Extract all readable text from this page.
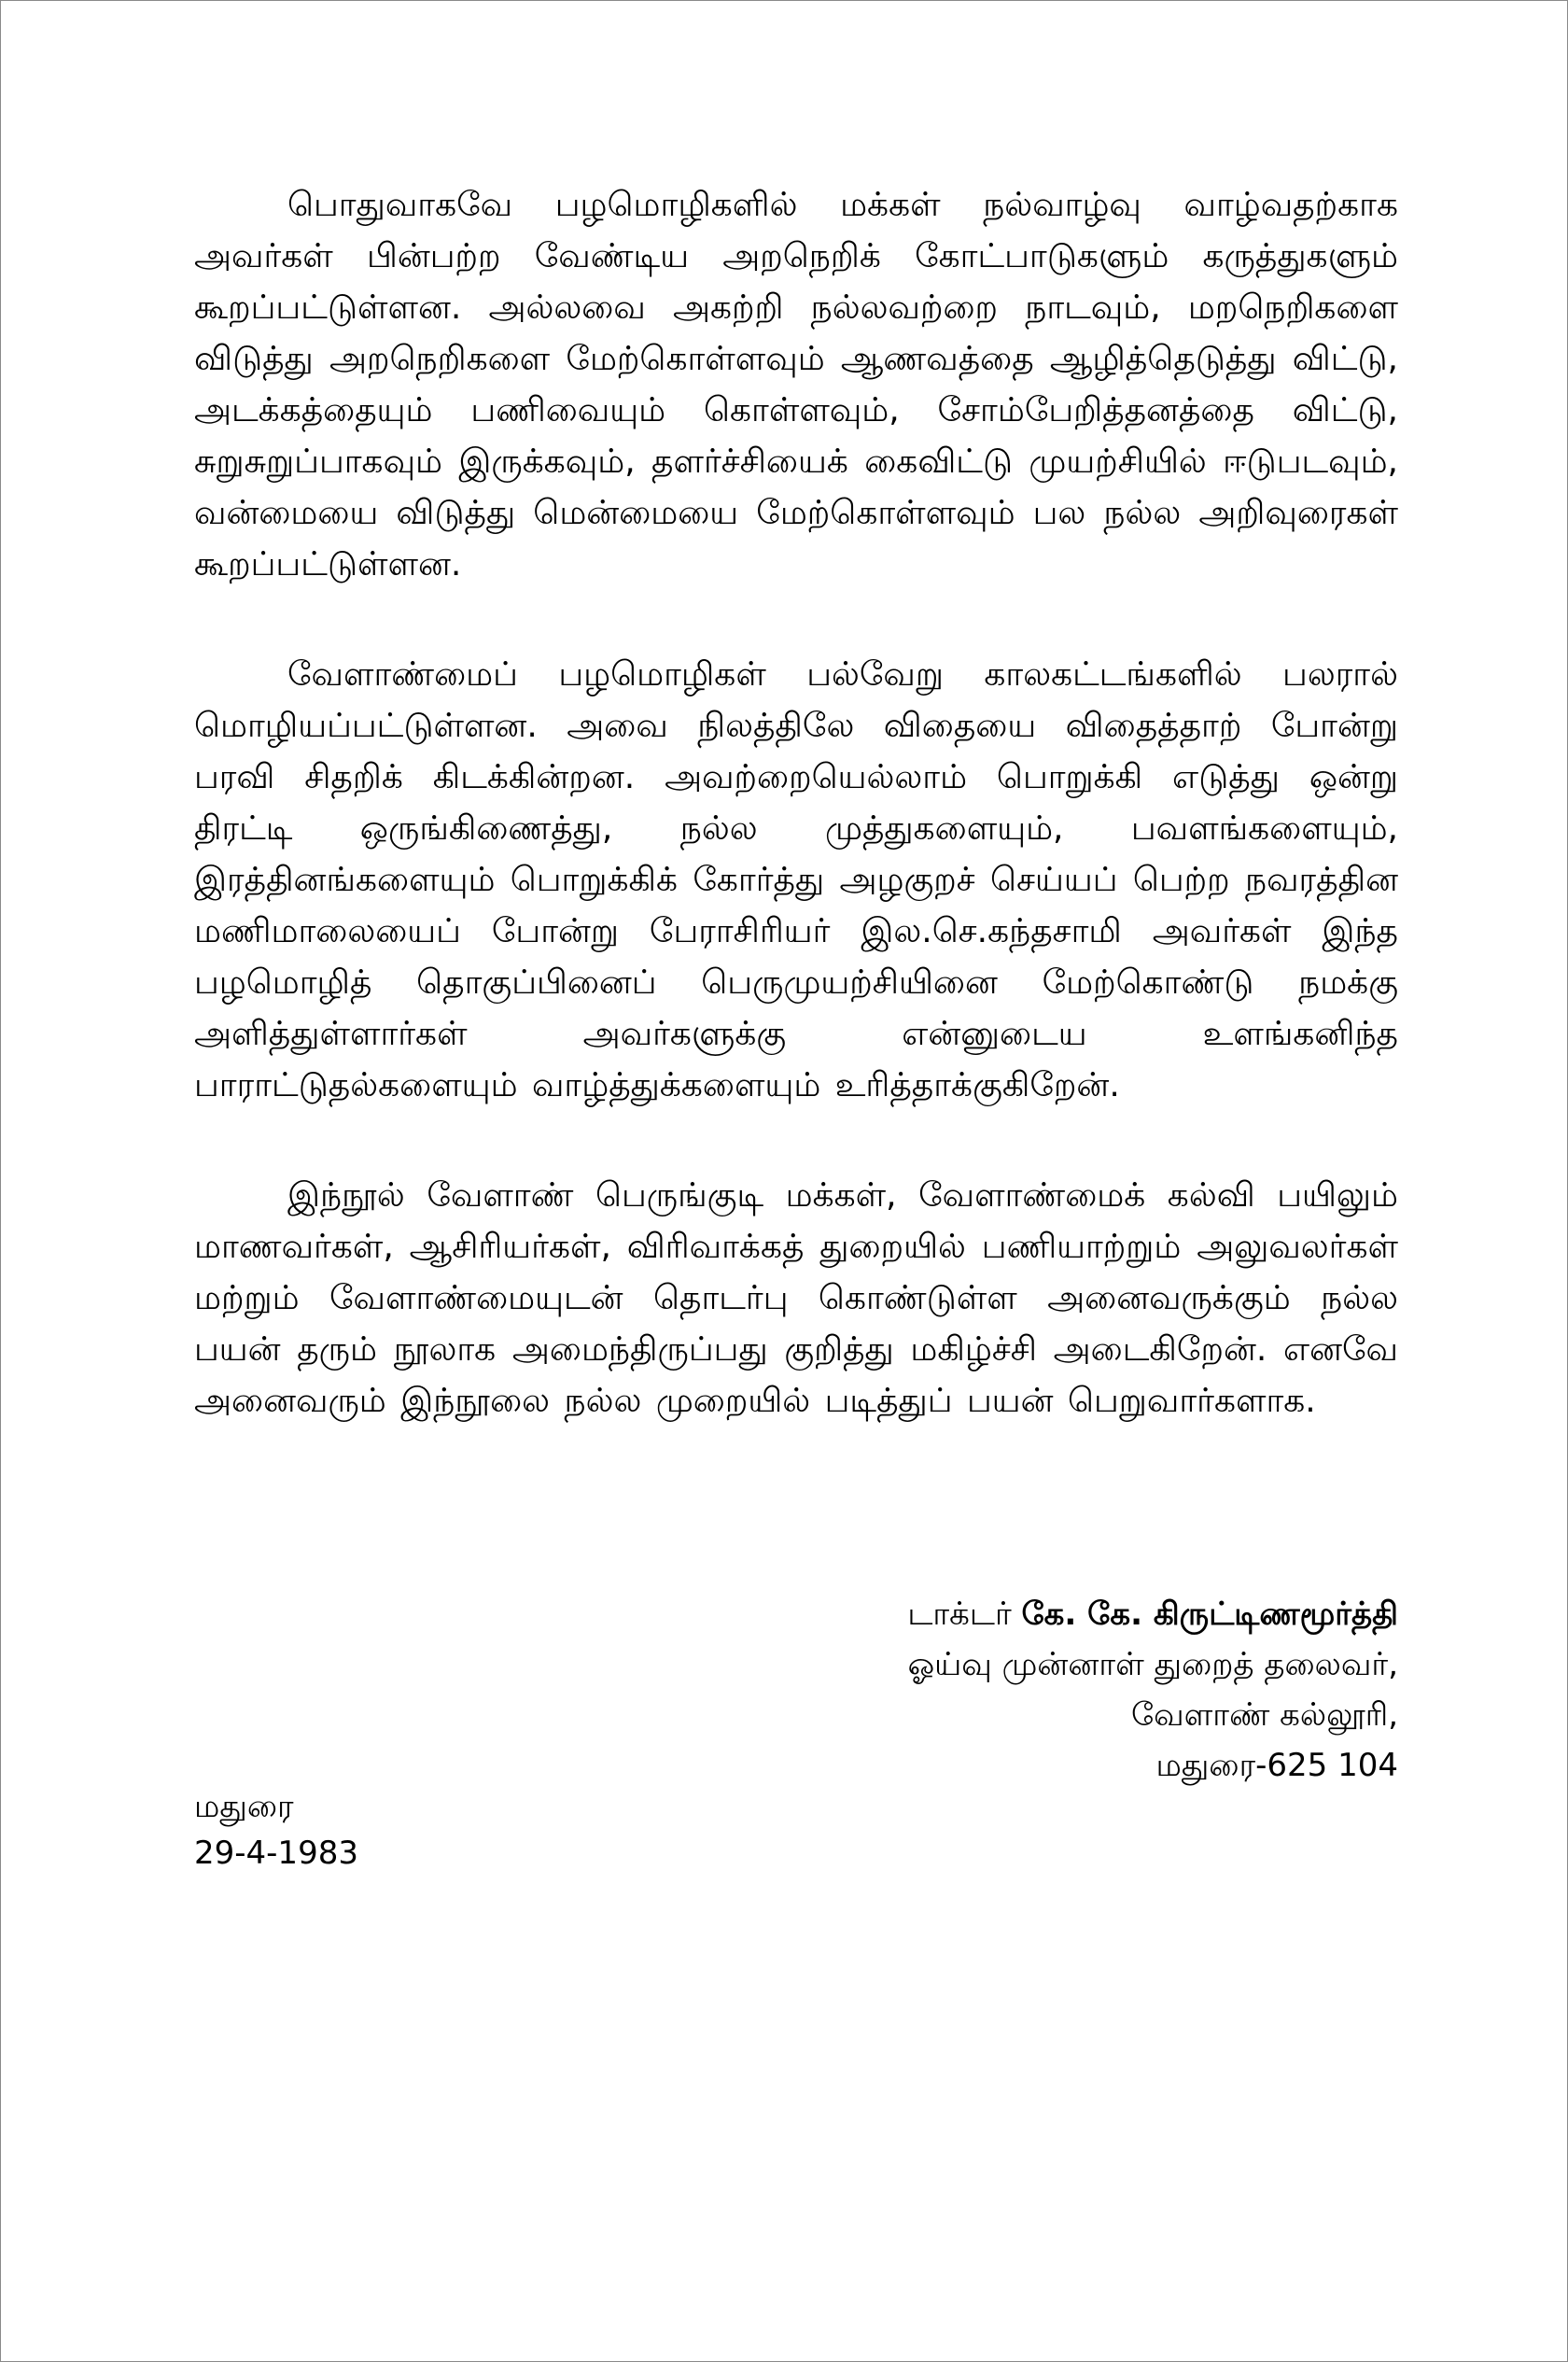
பொதுவாகவே பழமொழிகளில் மக்கள் நல்வாழ்வு வாழ்வதற்காக அவர்கள் பின்பற்ற வேண்டிய அறநெறிக் கோட்பாடுகளும் கருத்துகளும் கூறப்பட்டுள்ளன. அல்லவை அகற்றி நல்லவற்றை நாடவும், மறநெறிகளை விடுத்து அறநெறிகளை மேற்கொள்ளவும் ஆணவத்தை ஆழித்தெடுத்து விட்டு, அடக்கத்தையும் பணிவையும் கொள்ளவும், சோம்பேறித்தனத்தை விட்டு, சுறுசுறுப்பாகவும் இருக்கவும், தளர்ச்சியைக் கைவிட்டு முயற்சியில் ஈடுபடவும், வன்மையை விடுத்து மென்மையை மேற்கொள்ளவும் பல நல்ல அறிவுரைகள் கூறப்பட்டுள்ளன.

வேளாண்மைப் பழமொழிகள் பல்வேறு காலகட்டங்களில் பலரால் மொழியப்பட்டுள்ளன. அவை நிலத்திலே விதையை விதைத்தாற் போன்று பரவி சிதறிக் கிடக்கின்றன. அவற்றையெல்லாம் பொறுக்கி எடுத்து ஒன்று திரட்டி ஒருங்கிணைத்து, நல்ல முத்துகளையும், பவளங்களையும், இரத்தினங்களையும் பொறுக்கிக் கோர்த்து அழகுறச் செய்யப் பெற்ற நவரத்தின மணிமாலையைப் போன்று பேராசிரியர் இல.செ.கந்தசாமி அவர்கள் இந்த பழமொழித் தொகுப்பினைப் பெருமுயற்சியினை மேற்கொண்டு நமக்கு அளித்துள்ளார்கள் அவர்களுக்கு என்னுடைய உளங்கனிந்த பாராட்டுதல்களையும் வாழ்த்துக்களையும் உரித்தாக்குகிறேன்.

இந்நூல் வேளாண் பெருங்குடி மக்கள், வேளாண்மைக் கல்வி பயிலும் மாணவர்கள், ஆசிரியர்கள், விரிவாக்கத் துறையில் பணியாற்றும் அலுவலர்கள் மற்றும் வேளாண்மையுடன் தொடர்பு கொண்டுள்ள அனைவருக்கும் நல்ல பயன் தரும் நூலாக அமைந்திருப்பது குறித்து மகிழ்ச்சி அடைகிறேன். எனவே அனைவரும் இந்நூலை நல்ல முறையில் படித்துப் பயன் பெறுவார்களாக.

டாக்டர் கே. கே. கிருட்டிணமூர்த்தி
ஓய்வு முன்னாள் துறைத் தலைவர்,
வேளாண் கல்லூரி,
மதுரை-625 104
மதுரை
29-4-1983
